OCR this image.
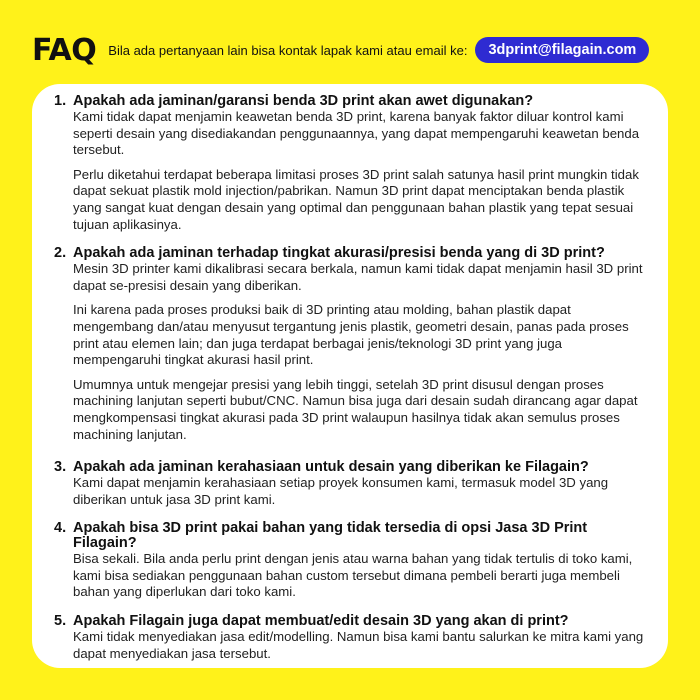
FAQ Bila ada pertanyaan lain bisa kontak lapak kami atau email ke:	3dprint@filagain.com
1. Apakah ada jaminan/garansi benda 3D print akan awet digunakan?

Kami tidak dapat menjamin keawetan benda 3D print, karena banyak faktor diluar kontrol kami seperti desain yang disediakandan penggunaannya, yang dapat mempengaruhi keawetan benda tersebut.

Perlu diketahui terdapat beberapa limitasi proses 3D print salah satunya hasil print mungkin tidak dapat sekuat plastik mold injection/pabrikan. Namun 3D print dapat menciptakan benda plastik yang sangat kuat dengan desain yang optimal dan penggunaan bahan plastik yang tepat sesuai tujuan aplikasinya.

2. Apakah ada jaminan terhadap tingkat akurasi/presisi benda yang di 3D print?

Mesin 3D printer kami dikalibrasi secara berkala, namun kami tidak dapat menjamin hasil 3D print dapat se-presisi desain yang diberikan.

Ini karena pada proses produksi baik di 3D printing atau molding, bahan plastik dapat mengembang dan/atau menyusut tergantung jenis plastik, geometri desain, panas pada proses print atau elemen lain; dan juga terdapat berbagai jenis/teknologi 3D print yang juga mempengaruhi tingkat akurasi hasil print.

Umumnya untuk mengejar presisi yang lebih tinggi, setelah 3D print disusul dengan proses machining lanjutan seperti bubut/CNC. Namun bisa juga dari desain sudah dirancang agar dapat mengkompensasi tingkat akurasi pada 3D print walaupun hasilnya tidak akan semulus proses machining lanjutan.

3. Apakah ada jaminan kerahasiaan untuk desain yang diberikan ke Filagain?

Kami dapat menjamin kerahasiaan setiap proyek konsumen kami, termasuk model 3D yang diberikan untuk jasa 3D print kami.

4. Apakah bisa 3D print pakai bahan yang tidak tersedia di opsi Jasa 3D Print Filagain?

Bisa sekali. Bila anda perlu print dengan jenis atau warna bahan yang tidak tertulis di toko kami, kami bisa sediakan penggunaan bahan custom tersebut dimana pembeli berarti juga membeli bahan yang diperlukan dari toko kami.

5. Apakah Filagain juga dapat membuat/edit desain 3D yang akan di print?

Kami tidak menyediakan jasa edit/modelling. Namun bisa kami bantu salurkan ke mitra kami yang dapat menyediakan jasa tersebut.
